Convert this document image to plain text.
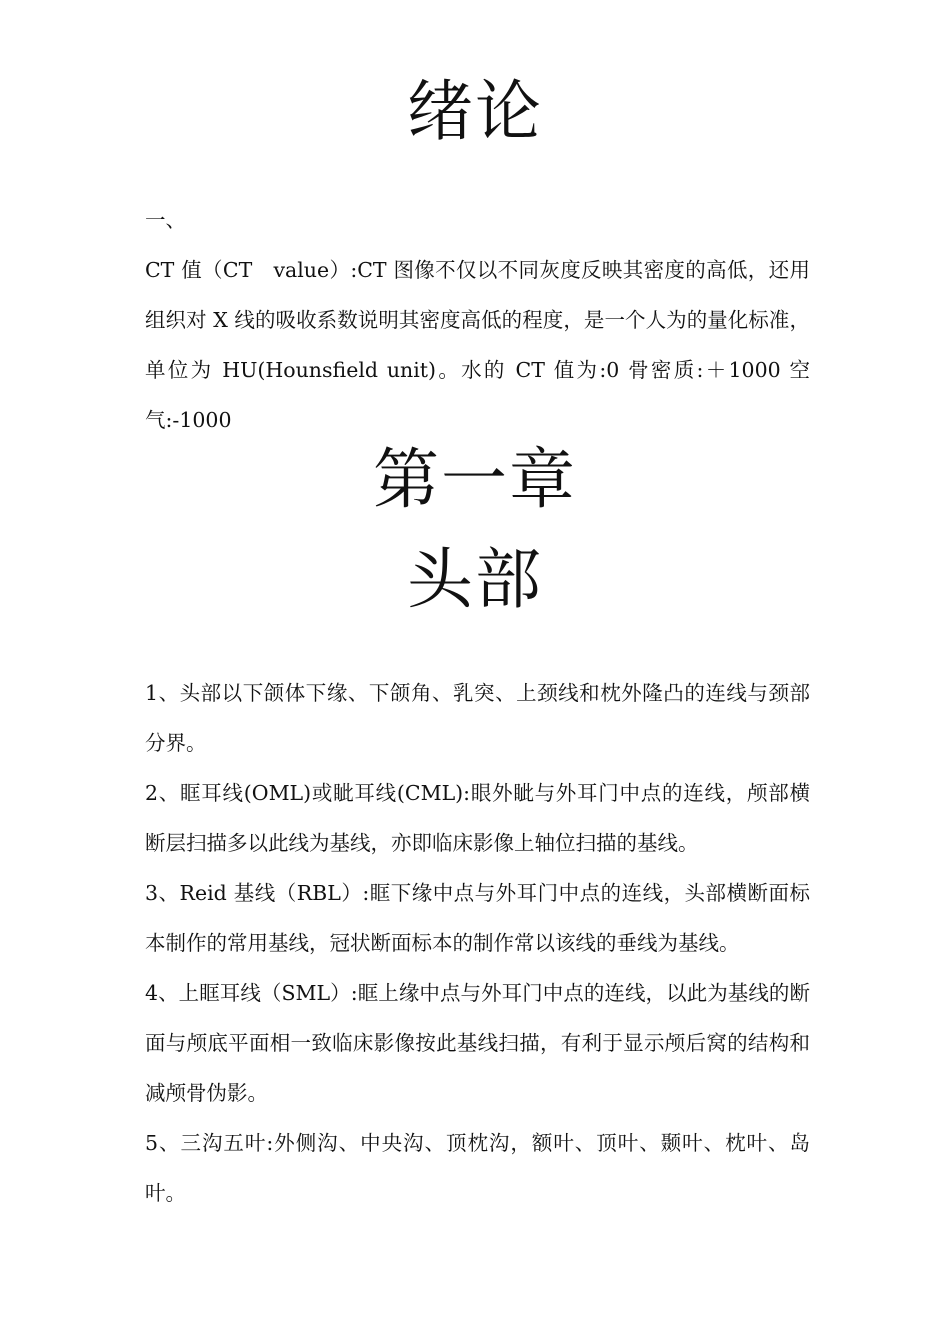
绪论

一、

CT 值（CT　value）:CT 图像不仅以不同灰度反映其密度的高低，还用组织对 X 线的吸收系数说明其密度高低的程度，是一个人为的量化标准，单位为 HU(Hounsfield unit)。水的 CT 值为:0 骨密质:＋1000 空气:-1000

第一章
头部

1、头部以下颌体下缘、下颌角、乳突、上颈线和枕外隆凸的连线与颈部分界。

2、眶耳线(OML)或眦耳线(CML):眼外眦与外耳门中点的连线，颅部横断层扫描多以此线为基线，亦即临床影像上轴位扫描的基线。

3、Reid 基线（RBL）:眶下缘中点与外耳门中点的连线，头部横断面标本制作的常用基线，冠状断面标本的制作常以该线的垂线为基线。

4、上眶耳线（SML）:眶上缘中点与外耳门中点的连线，以此为基线的断面与颅底平面相一致临床影像按此基线扫描，有利于显示颅后窝的结构和减颅骨伪影。

5、三沟五叶:外侧沟、中央沟、顶枕沟，额叶、顶叶、颞叶、枕叶、岛叶。
